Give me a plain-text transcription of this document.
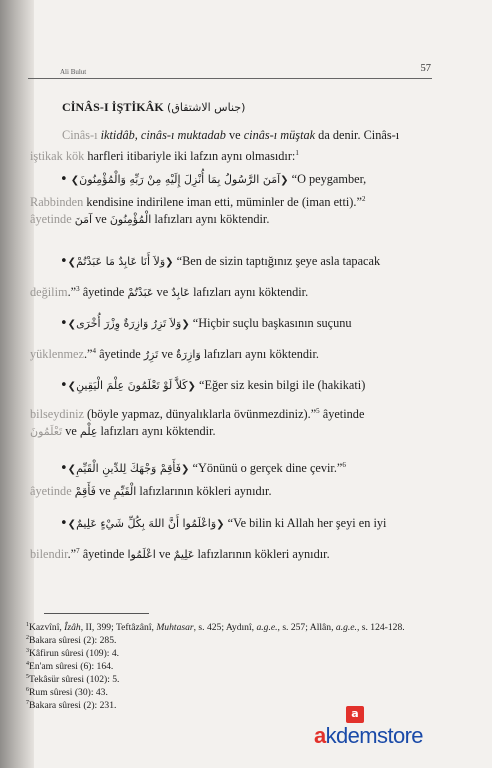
Ali Bulut	57
CİNÂS-I İŞTİKÂK (جناس الاشتقاق)
Cinâs-ı iktidâb, cinâs-ı muktadab ve cinâs-ı müştak da denir. Cinâs-ı
iştikak kök harfleri itibariyle iki lafzın aynı olmasıdır:$^1$
• ❮آمَنَ الرَّسُولُ بِمَا أُنْزِلَ إِلَيْهِ مِنْ رَبِّهِ وَالْمُؤْمِنُونَ❯ “O peygamber,
Rabbinden kendisine indirilene iman etti, müminler de (iman etti).”$^2$
âyetinde آمَنَ ve الْمُؤْمِنُونَ lafızları aynı köktendir.
•❮وَلاَ أَنَا عَابِدٌ مَا عَبَدْتُمْ❯ “Ben de sizin taptığınız şeye asla tapacak
değilim.”$^3$ âyetinde عَبَدْتُمْ ve عَابِدٌ lafızları aynı köktendir.
•❮وَلاَ تَزِرُ وَازِرَةٌ وِزْرَ أُخْرَى❯ “Hiçbir suçlu başkasının suçunu
yüklenmez.”$^4$ âyetinde تَزِرُ ve وَازِرَةٌ lafızları aynı köktendir.
•❮كَلاَّ لَوْ تَعْلَمُونَ عِلْمَ الْيَقِينِ❯ “Eğer siz kesin bilgi ile (hakikati)
bilseydiniz (böyle yapmaz, dünyalıklarla övünmezdiniz).”$^5$ âyetinde
تَعْلَمُونَ ve عِلْم lafızları aynı köktendir.
•❮فَأَقِمْ وَجْهَكَ لِلدِّينِ الْقَيِّمِ❯ “Yönünü o gerçek dine çevir.”$^6$
âyetinde فَأَقِمْ ve الْقَيِّمِ lafızlarının kökleri aynıdır.
•❮وَاعْلَمُوا أَنَّ اللهَ بِكُلِّ شَيْءٍ عَلِيمٌ❯ “Ve bilin ki Allah her şeyi en iyi
bilendir.”$^7$ âyetinde اعْلَمُوا ve عَلِيمٌ lafızlarının kökleri aynıdır.
$^1$Kazvînî, Îzâh, II, 399; Teftâzânî, Muhtasar, s. 425; Aydınî, a.g.e., s. 257; Allân, a.g.e., s. 124-128.
$^2$Bakara sûresi (2): 285.
$^3$Kâfirun sûresi (109): 4.
$^4$En'am sûresi (6): 164.
$^5$Tekâsür sûresi (102): 5.
$^6$Rum sûresi (30): 43.
$^7$Bakara sûresi (2): 231.
a
akdemstore
